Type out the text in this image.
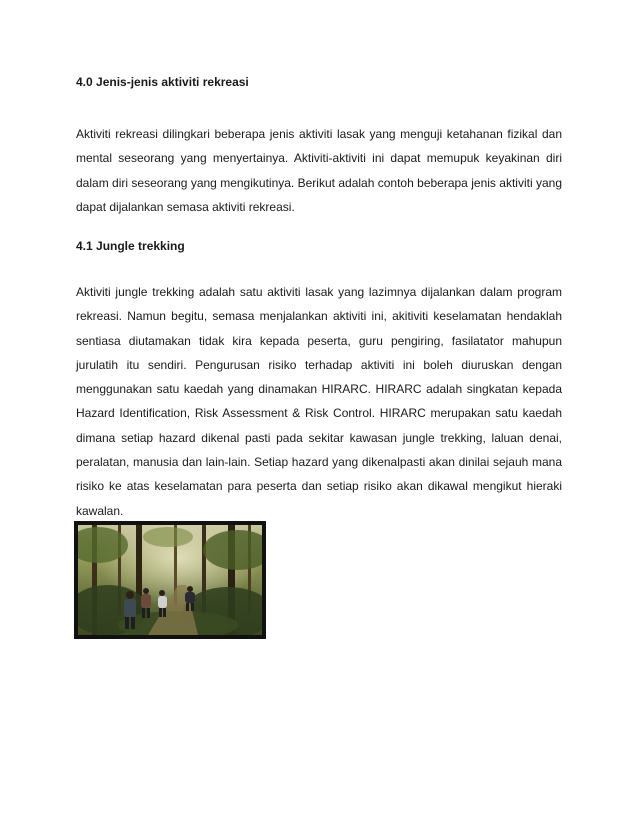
4.0 Jenis-jenis aktiviti rekreasi

Aktiviti rekreasi dilingkari beberapa jenis aktiviti lasak yang menguji ketahanan fizikal dan mental seseorang yang menyertainya. Aktiviti-aktiviti ini dapat memupuk keyakinan diri dalam diri seseorang yang mengikutinya. Berikut adalah contoh beberapa jenis aktiviti yang dapat dijalankan semasa aktiviti rekreasi.

4.1 Jungle trekking

Aktiviti jungle trekking adalah satu aktiviti lasak yang lazimnya dijalankan dalam program rekreasi. Namun begitu, semasa menjalankan aktiviti ini, akitiviti keselamatan hendaklah sentiasa diutamakan tidak kira kepada peserta, guru pengiring, fasilatator mahupun jurulatih itu sendiri. Pengurusan risiko terhadap aktiviti ini boleh diuruskan dengan menggunakan satu kaedah yang dinamakan HIRARC. HIRARC adalah singkatan kepada Hazard Identification, Risk Assessment & Risk Control. HIRARC merupakan satu kaedah dimana setiap hazard dikenal pasti pada sekitar kawasan jungle trekking, laluan denai, peralatan, manusia dan lain-lain. Setiap hazard yang dikenalpasti akan dinilai sejauh mana risiko ke atas keselamatan para peserta dan setiap risiko akan dikawal mengikut hieraki kawalan.
